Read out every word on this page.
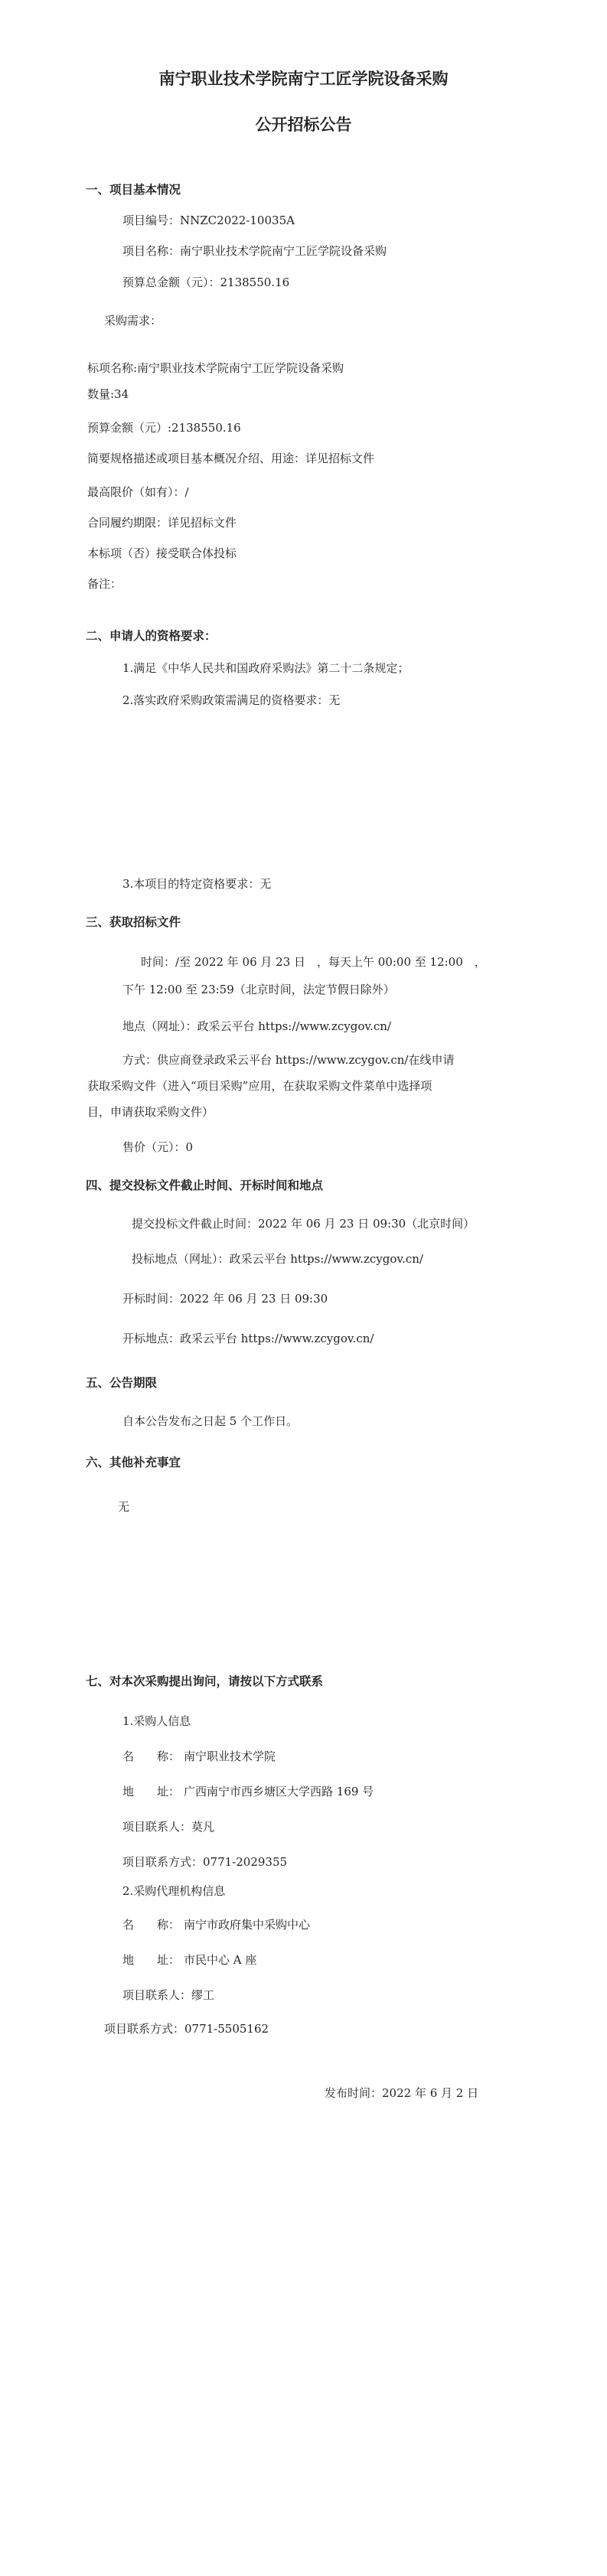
南宁职业技术学院南宁工匠学院设备采购
公开招标公告
一、项目基本情况
项目编号：NNZC2022-10035A
项目名称：南宁职业技术学院南宁工匠学院设备采购
预算总金额（元）：2138550.16
采购需求：
标项名称:南宁职业技术学院南宁工匠学院设备采购
数量:34
预算金额（元）:2138550.16
简要规格描述或项目基本概况介绍、用途：详见招标文件
最高限价（如有）：/
合同履约期限：详见招标文件
本标项（否）接受联合体投标
备注：
二、申请人的资格要求：
1.满足《中华人民共和国政府采购法》第二十二条规定；
2.落实政府采购政策需满足的资格要求：无
3.本项目的特定资格要求：无
三、获取招标文件
时间：/至 2022 年 06 月 23 日　，每天上午 00:00 至 12:00　，
下午 12:00 至 23:59（北京时间，法定节假日除外）
地点（网址）：政采云平台 https://www.zcygov.cn/
方式：供应商登录政采云平台 https://www.zcygov.cn/在线申请
获取采购文件（进入“项目采购”应用，在获取采购文件菜单中选择项
目，申请获取采购文件）
售价（元）：0
四、提交投标文件截止时间、开标时间和地点
提交投标文件截止时间：2022 年 06 月 23 日 09:30（北京时间）
投标地点（网址）：政采云平台 https://www.zcygov.cn/
开标时间：2022 年 06 月 23 日 09:30
开标地点：政采云平台 https://www.zcygov.cn/
五、公告期限
自本公告发布之日起 5 个工作日。
六、其他补充事宜
无
七、对本次采购提出询问，请按以下方式联系
1.采购人信息
名　　称： 南宁职业技术学院
地　　址： 广西南宁市西乡塘区大学西路 169 号
项目联系人：莫凡
项目联系方式：0771-2029355
2.采购代理机构信息
名　　称： 南宁市政府集中采购中心
地　　址： 市民中心 A 座
项目联系人：缪工
项目联系方式：0771-5505162
发布时间：2022 年 6 月 2 日
